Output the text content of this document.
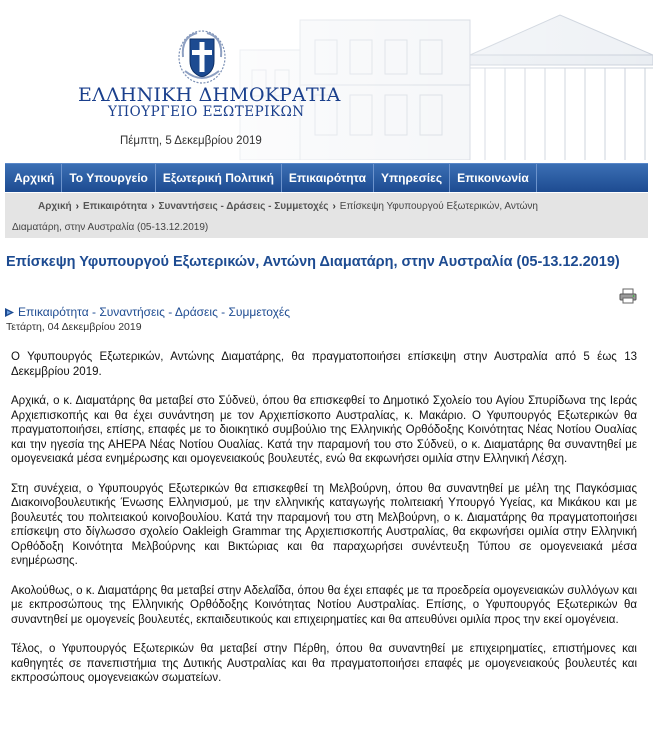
ΕΛΛΗΝΙΚΗ ΔΗΜΟΚΡΑΤΙΑ
ΥΠΟΥΡΓΕΙΟ ΕΞΩΤΕΡΙΚΩΝ
Πέμπτη, 5 Δεκεμβρίου 2019
Αρχική	Το Υπουργείο	Εξωτερική Πολιτική	Επικαιρότητα	Υπηρεσίες	Επικοινωνία
Αρχική › Επικαιρότητα › Συναντήσεις - Δράσεις - Συμμετοχές › Επίσκεψη Υφυπουργού Εξωτερικών, Αντώνη
Διαματάρη, στην Αυστραλία (05-13.12.2019)
Επίσκεψη Υφυπουργού Εξωτερικών, Αντώνη Διαματάρη, στην Αυστραλία (05-13.12.2019)
Επικαιρότητα - Συναντήσεις - Δράσεις - Συμμετοχές
Τετάρτη, 04 Δεκεμβρίου 2019

Ο Υφυπουργός Εξωτερικών, Αντώνης Διαματάρης, θα πραγματοποιήσει επίσκεψη στην Αυστραλία από 5 έως 13 Δεκεμβρίου 2019.

Αρχικά, ο κ. Διαματάρης θα μεταβεί στο Σύδνεϋ, όπου θα επισκεφθεί το Δημοτικό Σχολείο του Αγίου Σπυρίδωνα της Ιεράς Αρχιεπισκοπής και θα έχει συνάντηση με τον Αρχιεπίσκοπο Αυστραλίας, κ. Μακάριο. Ο Υφυπουργός Εξωτερικών θα πραγματοποιήσει, επίσης, επαφές με το διοικητικό συμβούλιο της Ελληνικής Ορθόδοξης Κοινότητας Νέας Νοτίου Ουαλίας και την ηγεσία της ΑΗΕΡΑ Νέας Νοτίου Ουαλίας. Κατά την παραμονή του στο Σύδνεϋ, ο κ. Διαματάρης θα συναντηθεί με ομογενειακά μέσα ενημέρωσης και ομογενειακούς βουλευτές, ενώ θα εκφωνήσει ομιλία στην Ελληνική Λέσχη.

Στη συνέχεια, ο Υφυπουργός Εξωτερικών θα επισκεφθεί τη Μελβούρνη, όπου θα συναντηθεί με μέλη της Παγκόσμιας Διακοινοβουλευτικής Ένωσης Ελληνισμού, με την ελληνικής καταγωγής πολιτειακή Υπουργό Υγείας, κα Μικάκου και με βουλευτές του πολιτειακού κοινοβουλίου. Κατά την παραμονή του στη Μελβούρνη, ο κ. Διαματάρης θα πραγματοποιήσει επίσκεψη στο δίγλωσσο σχολείο Oakleigh Grammar της Αρχιεπισκοπής Αυστραλίας, θα εκφωνήσει ομιλία στην Ελληνική Ορθόδοξη Κοινότητα Μελβούρνης και Βικτώριας και θα παραχωρήσει συνέντευξη Τύπου σε ομογενειακά μέσα ενημέρωσης.

Ακολούθως, ο κ. Διαματάρης θα μεταβεί στην Αδελαΐδα, όπου θα έχει επαφές με τα προεδρεία ομογενειακών συλλόγων και με εκπροσώπους της Ελληνικής Ορθόδοξης Κοινότητας Νοτίου Αυστραλίας. Επίσης, ο Υφυπουργός Εξωτερικών θα συναντηθεί με ομογενείς βουλευτές, εκπαιδευτικούς και επιχειρηματίες και θα απευθύνει ομιλία προς την εκεί ομογένεια.

Τέλος, ο Υφυπουργός Εξωτερικών θα μεταβεί στην Πέρθη, όπου θα συναντηθεί με επιχειρηματίες, επιστήμονες και καθηγητές σε πανεπιστήμια της Δυτικής Αυστραλίας και θα πραγματοποιήσει επαφές με ομογενειακούς βουλευτές και εκπροσώπους ομογενειακών σωματείων.
